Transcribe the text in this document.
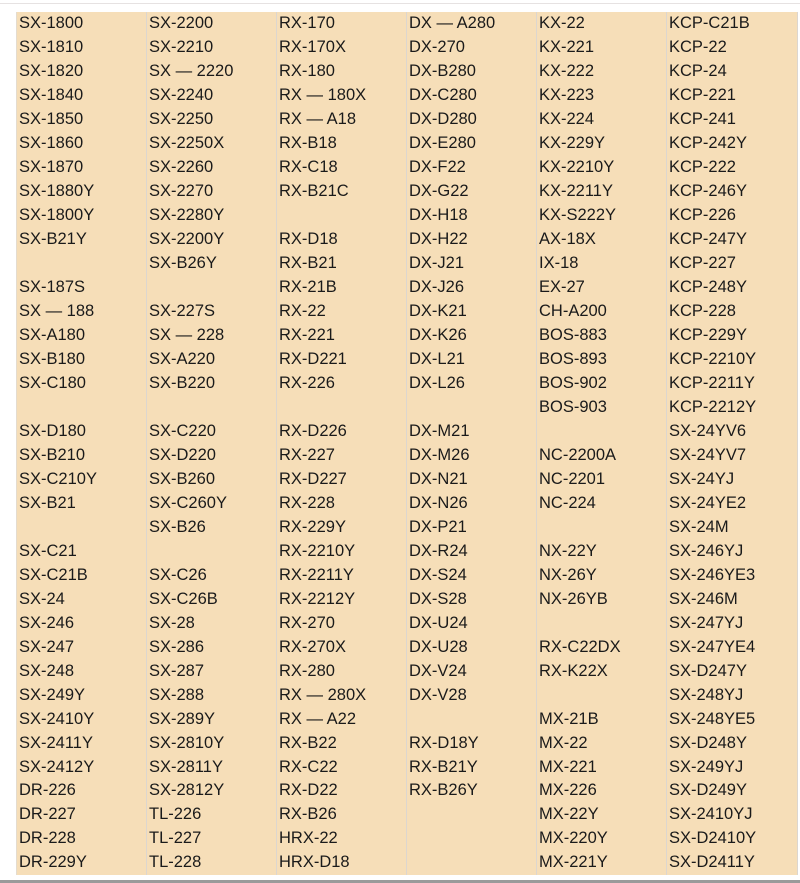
SX-1800	SX-2200	RX-170	DX — A280	KX-22	KCP-C21B
SX-1810	SX-2210	RX-170X	DX-270	KX-221	KCP-22
SX-1820	SX — 2220	RX-180	DX-B280	KX-222	KCP-24
SX-1840	SX-2240	RX — 180X	DX-C280	KX-223	KCP-221
SX-1850	SX-2250	RX — A18	DX-D280	KX-224	KCP-241
SX-1860	SX-2250X	RX-B18	DX-E280	KX-229Y	KCP-242Y
SX-1870	SX-2260	RX-C18	DX-F22	KX-2210Y	KCP-222
SX-1880Y	SX-2270	RX-B21C	DX-G22	KX-2211Y	KCP-246Y
SX-1800Y	SX-2280Y		DX-H18	KX-S222Y	KCP-226
SX-B21Y	SX-2200Y	RX-D18	DX-H22	AX-18X	KCP-247Y
	SX-B26Y	RX-B21	DX-J21	IX-18	KCP-227
SX-187S		RX-21B	DX-J26	EX-27	KCP-248Y
SX — 188	SX-227S	RX-22	DX-K21	CH-A200	KCP-228
SX-A180	SX — 228	RX-221	DX-K26	BOS-883	KCP-229Y
SX-B180	SX-A220	RX-D221	DX-L21	BOS-893	KCP-2210Y
SX-C180	SX-B220	RX-226	DX-L26	BOS-902	KCP-2211Y
				BOS-903	KCP-2212Y
SX-D180	SX-C220	RX-D226	DX-M21		SX-24YV6
SX-B210	SX-D220	RX-227	DX-M26	NC-2200A	SX-24YV7
SX-C210Y	SX-B260	RX-D227	DX-N21	NC-2201	SX-24YJ
SX-B21	SX-C260Y	RX-228	DX-N26	NC-224	SX-24YE2
	SX-B26	RX-229Y	DX-P21		SX-24M
SX-C21		RX-2210Y	DX-R24	NX-22Y	SX-246YJ
SX-C21B	SX-C26	RX-2211Y	DX-S24	NX-26Y	SX-246YE3
SX-24	SX-C26B	RX-2212Y	DX-S28	NX-26YB	SX-246M
SX-246	SX-28	RX-270	DX-U24		SX-247YJ
SX-247	SX-286	RX-270X	DX-U28	RX-C22DX	SX-247YE4
SX-248	SX-287	RX-280	DX-V24	RX-K22X	SX-D247Y
SX-249Y	SX-288	RX — 280X	DX-V28		SX-248YJ
SX-2410Y	SX-289Y	RX — A22		MX-21B	SX-248YE5
SX-2411Y	SX-2810Y	RX-B22	RX-D18Y	MX-22	SX-D248Y
SX-2412Y	SX-2811Y	RX-C22	RX-B21Y	MX-221	SX-249YJ
DR-226	SX-2812Y	RX-D22	RX-B26Y	MX-226	SX-D249Y
DR-227	TL-226	RX-B26		MX-22Y	SX-2410YJ
DR-228	TL-227	HRX-22		MX-220Y	SX-D2410Y
DR-229Y	TL-228	HRX-D18		MX-221Y	SX-D2411Y
